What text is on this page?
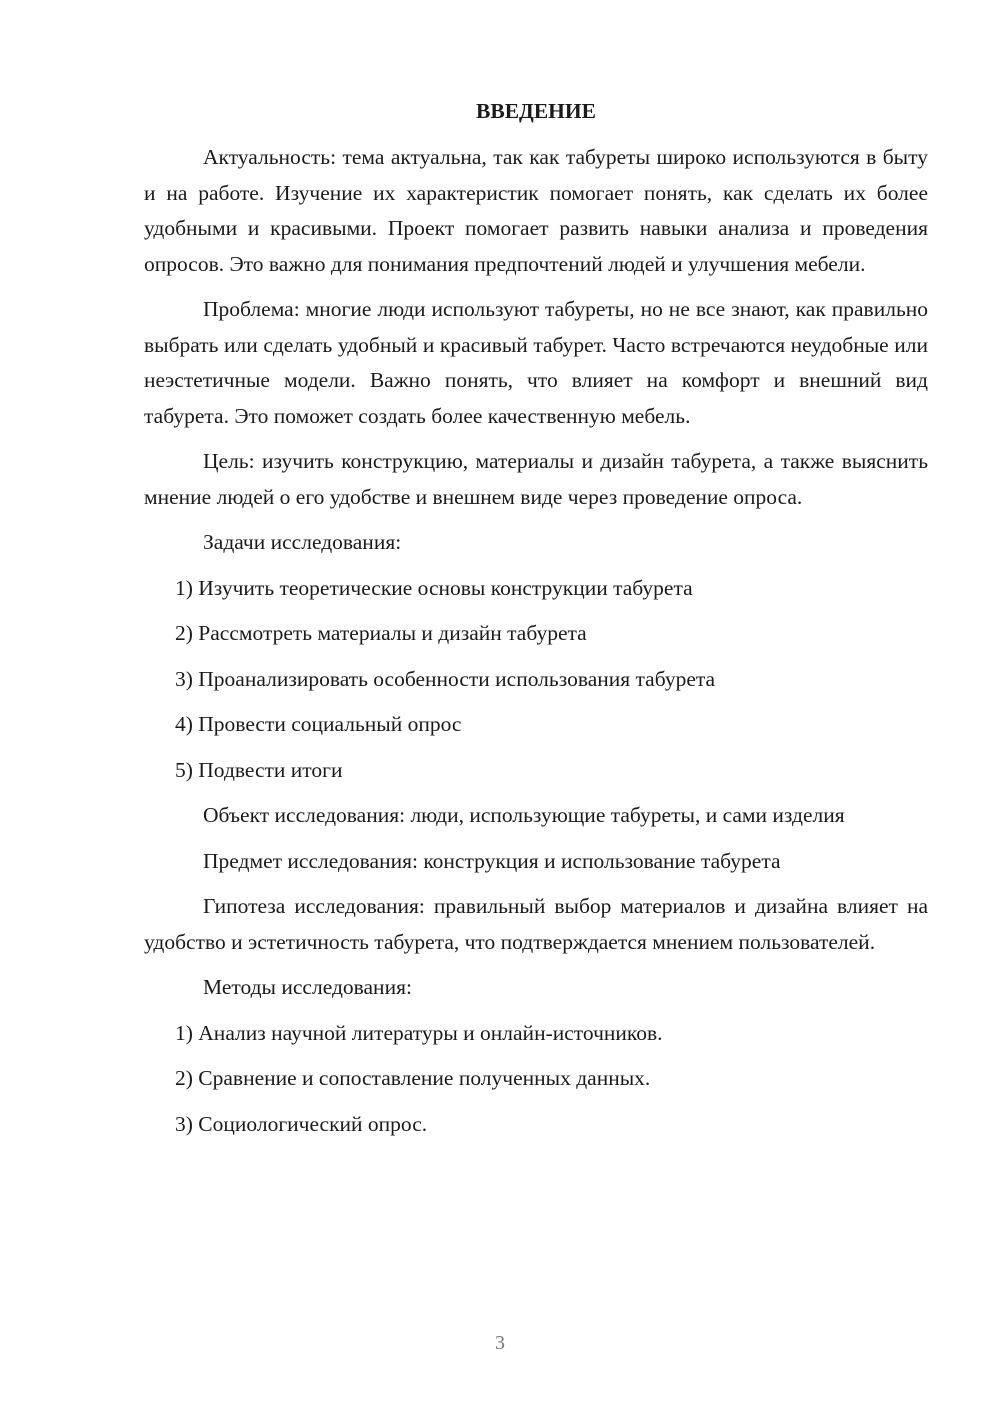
ВВЕДЕНИЕ
Актуальность: тема актуальна, так как табуреты широко используются в быту и на работе. Изучение их характеристик помогает понять, как сделать их более удобными и красивыми. Проект помогает развить навыки анализа и проведения опросов. Это важно для понимания предпочтений людей и улучшения мебели.
Проблема: многие люди используют табуреты, но не все знают, как правильно выбрать или сделать удобный и красивый табурет. Часто встречаются неудобные или неэстетичные модели. Важно понять, что влияет на комфорт и внешний вид табурета. Это поможет создать более качественную мебель.
Цель: изучить конструкцию, материалы и дизайн табурета, а также выяснить мнение людей о его удобстве и внешнем виде через проведение опроса.
Задачи исследования:
1) Изучить теоретические основы конструкции табурета
2) Рассмотреть материалы и дизайн табурета
3) Проанализировать особенности использования табурета
4) Провести социальный опрос
5) Подвести итоги
Объект исследования: люди, использующие табуреты, и сами изделия
Предмет исследования: конструкция и использование табурета
Гипотеза исследования: правильный выбор материалов и дизайна влияет на удобство и эстетичность табурета, что подтверждается мнением пользователей.
Методы исследования:
1) Анализ научной литературы и онлайн-источников.
2) Сравнение и сопоставление полученных данных.
3) Социологический опрос.
3
